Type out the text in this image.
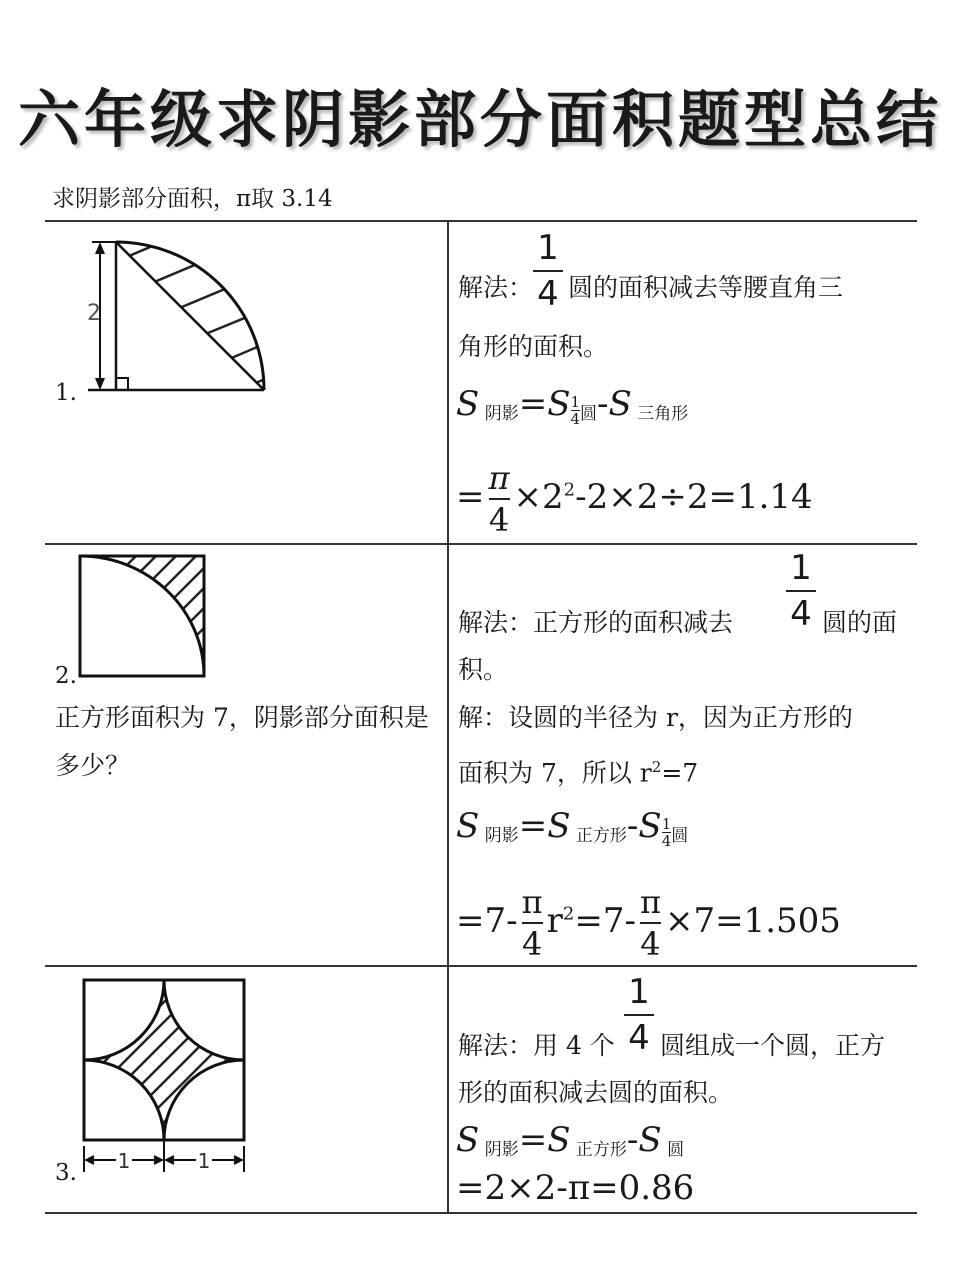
六年级求阴影部分面积题型总结
求阴影部分面积，π取 3.14
2
1.
解法：
1
4 圆的面积减去等腰直角三
角形的面积。
S 阴影$=S \frac{1}{4}$ 圆-S 三角形
= $\frac{\pi}{4} \times 2^2-2\times 2\div 2=1.14$
2.
正方形面积为 7，阴影部分面积是多少？
解法：正方形的面积减去
1
4 圆的面
积。
解：设圆的半径为 r，因为正方形的
面积为 7，所以 $r^2=7$
S 阴影=S 正方形$-S \frac{1}{4}$ 圆
$=7- \frac{\pi}{4} r^2=7- \frac{\pi}{4} \times 7=1.505$
1	1
3.
解法：用 4 个
1
4 圆组成一个圆，正方
形的面积减去圆的面积。
S 阴影=S 正方形-S 圆
=2×2-π=0.86
